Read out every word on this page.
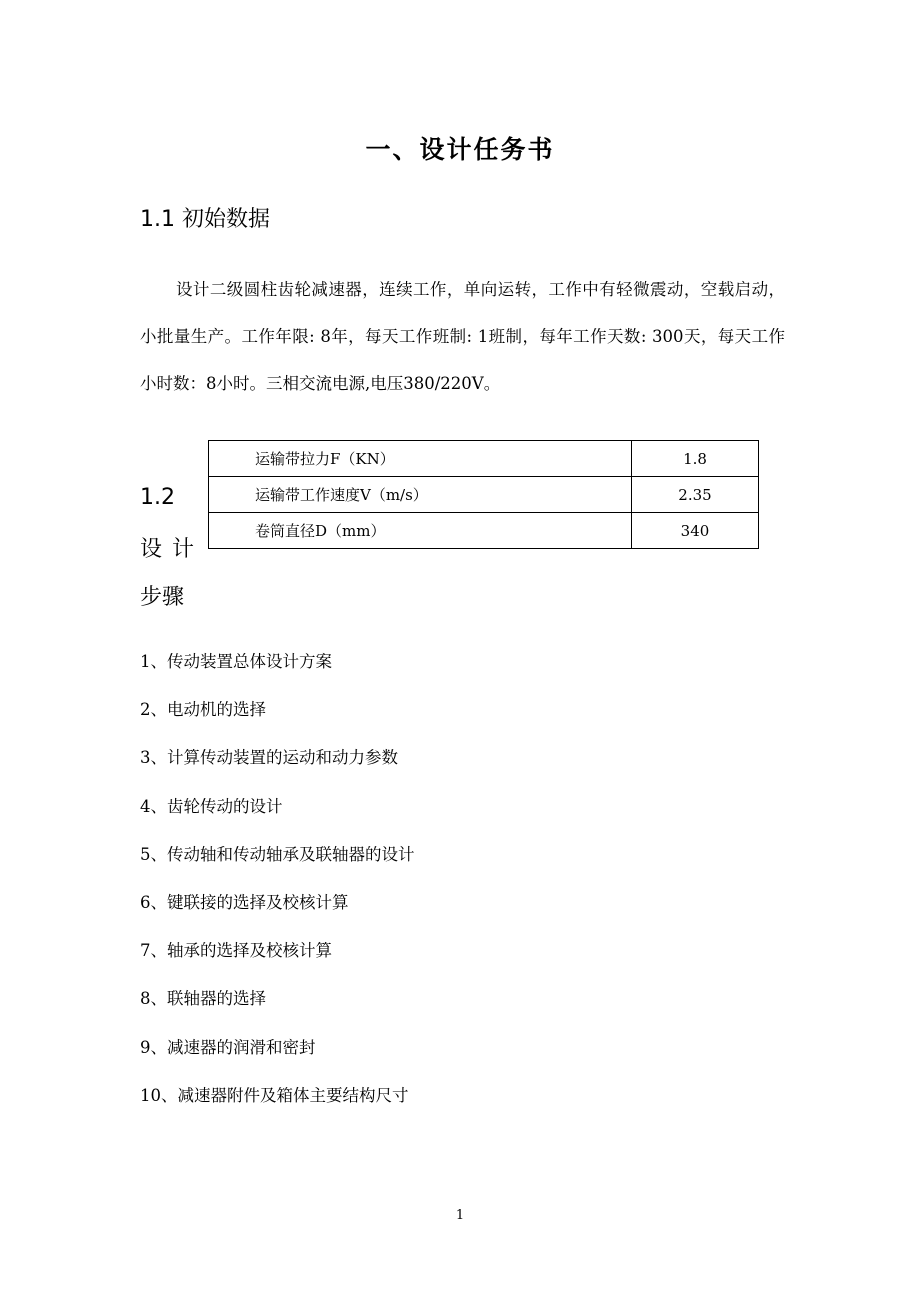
一、设计任务书
1.1 初始数据

设计二级圆柱齿轮减速器，连续工作，单向运转，工作中有轻微震动，空载启动，小批量生产。工作年限: 8年，每天工作班制: 1班制，每年工作天数: 300天，每天工作小时数：8小时。三相交流电源,电压380/220V。

1.2
设计
步骤
运输带拉力F（KN）	1.8
运输带工作速度V（m/s）	2.35
卷筒直径D（mm）	340
1、传动装置总体设计方案
2、电动机的选择
3、计算传动装置的运动和动力参数
4、齿轮传动的设计
5、传动轴和传动轴承及联轴器的设计
6、键联接的选择及校核计算
7、轴承的选择及校核计算
8、联轴器的选择
9、减速器的润滑和密封
10、减速器附件及箱体主要结构尺寸
1
